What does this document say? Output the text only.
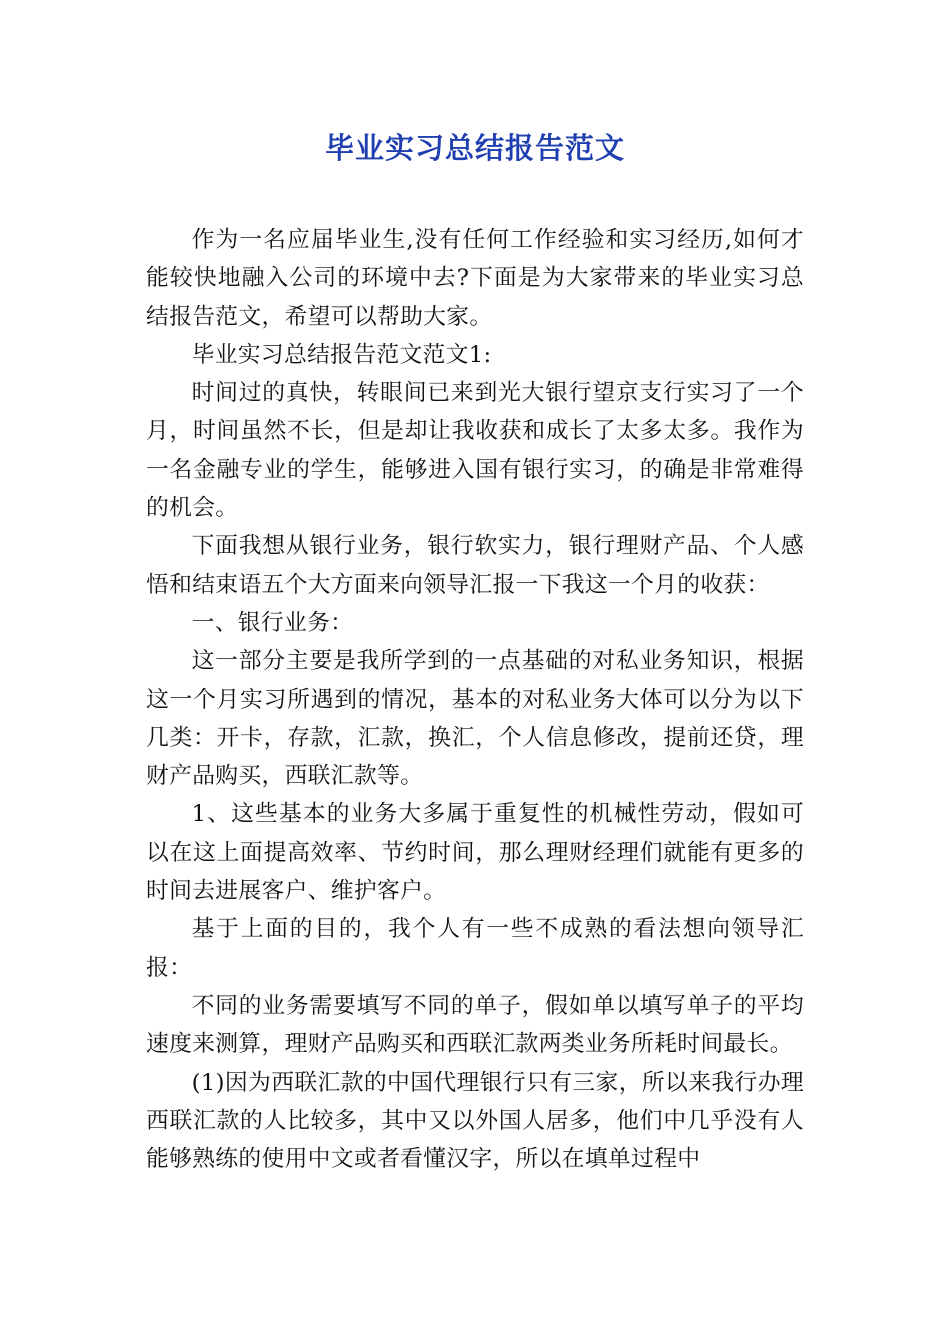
毕业实习总结报告范文

作为一名应届毕业生,没有任何工作经验和实习经历,如何才能较快地融入公司的环境中去?下面是为大家带来的毕业实习总结报告范文，希望可以帮助大家。

毕业实习总结报告范文范文1:

时间过的真快，转眼间已来到光大银行望京支行实习了一个月，时间虽然不长，但是却让我收获和成长了太多太多。我作为一名金融专业的学生，能够进入国有银行实习，的确是非常难得的机会。

下面我想从银行业务，银行软实力，银行理财产品、个人感悟和结束语五个大方面来向领导汇报一下我这一个月的收获：

一、银行业务：

这一部分主要是我所学到的一点基础的对私业务知识，根据这一个月实习所遇到的情况，基本的对私业务大体可以分为以下几类：开卡，存款，汇款，换汇，个人信息修改，提前还贷，理财产品购买，西联汇款等。

1、这些基本的业务大多属于重复性的机械性劳动，假如可以在这上面提高效率、节约时间，那么理财经理们就能有更多的时间去进展客户、维护客户。

基于上面的目的，我个人有一些不成熟的看法想向领导汇报：

不同的业务需要填写不同的单子，假如单以填写单子的平均速度来测算，理财产品购买和西联汇款两类业务所耗时间最长。

(1)因为西联汇款的中国代理银行只有三家，所以来我行办理西联汇款的人比较多，其中又以外国人居多，他们中几乎没有人能够熟练的使用中文或者看懂汉字，所以在填单过程中
